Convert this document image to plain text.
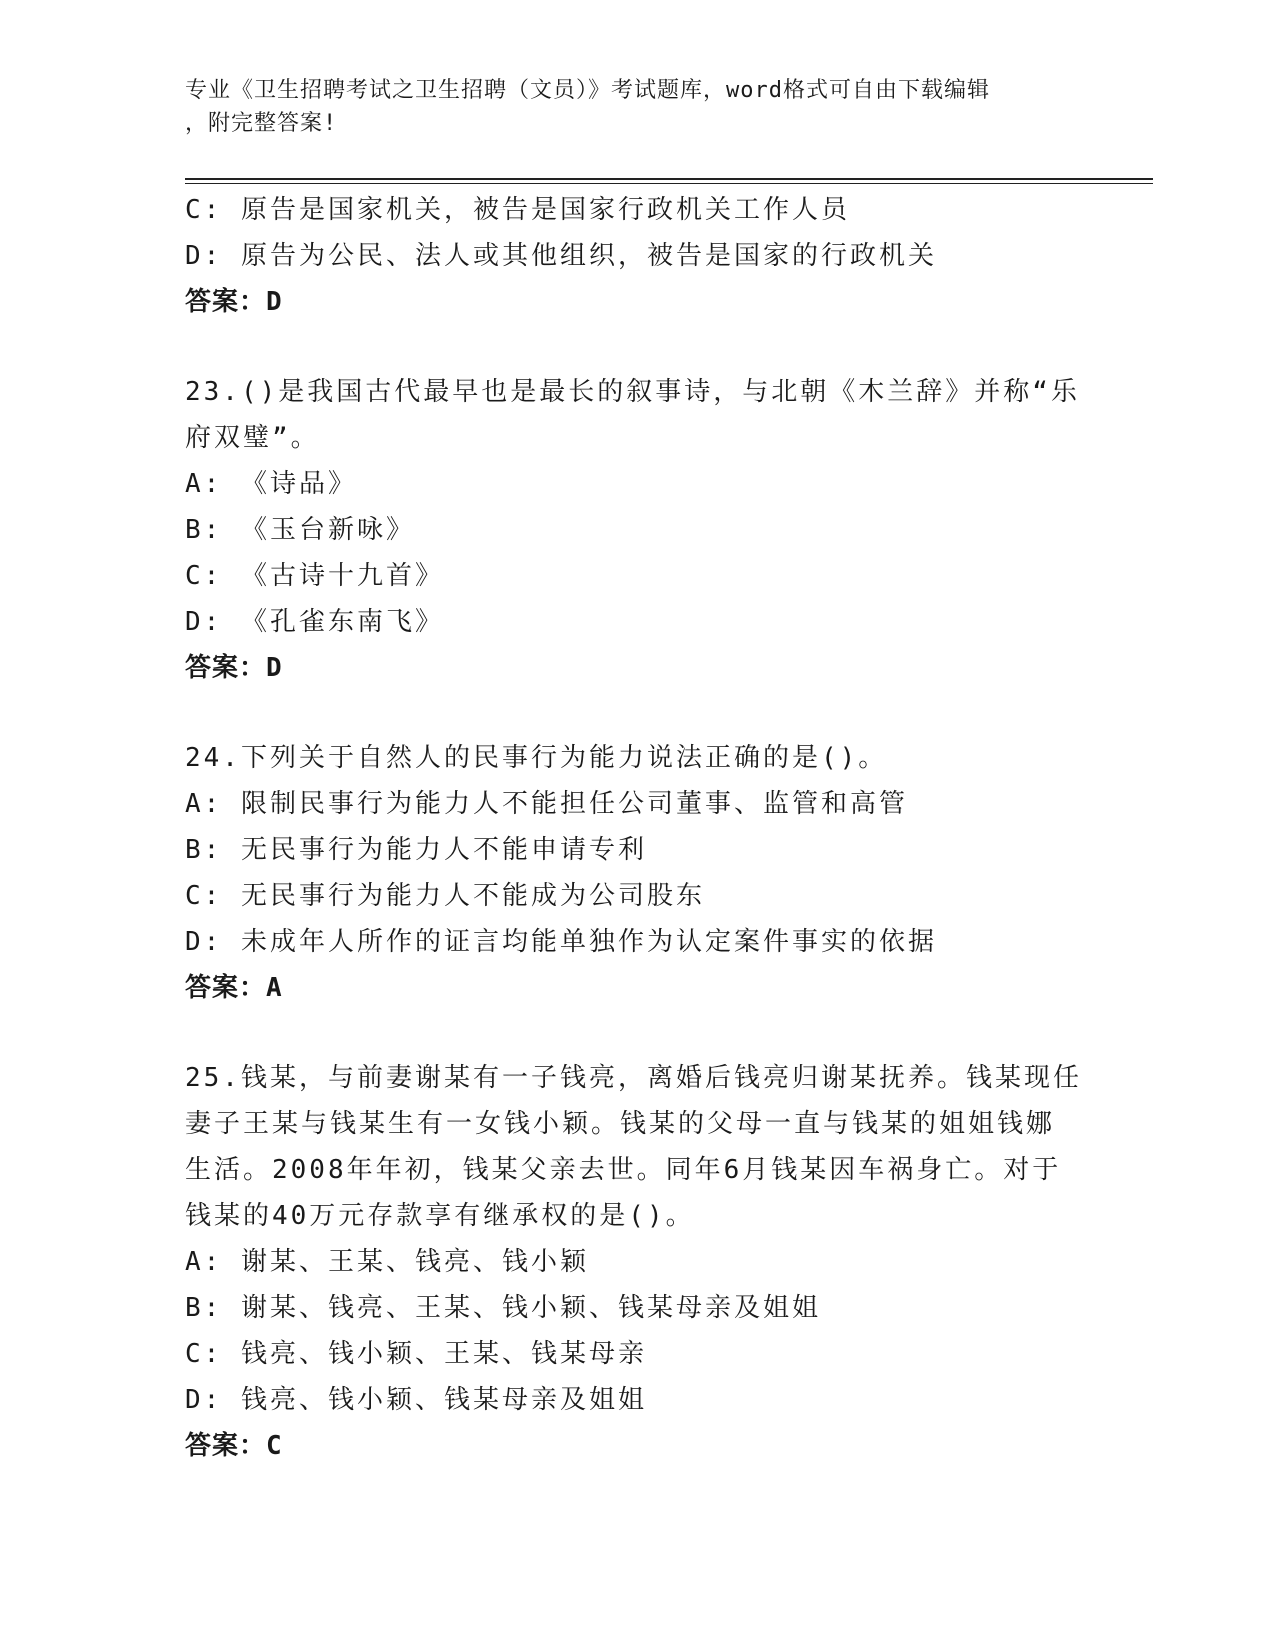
专业《卫生招聘考试之卫生招聘（文员）》考试题库，word格式可自由下载编辑
，附完整答案!
C: 原告是国家机关，被告是国家行政机关工作人员
D: 原告为公民、法人或其他组织，被告是国家的行政机关
答案：D
23.()是我国古代最早也是最长的叙事诗，与北朝《木兰辞》并称“乐
府双璧”。
A: 《诗品》
B: 《玉台新咏》
C: 《古诗十九首》
D: 《孔雀东南飞》
答案：D
24.下列关于自然人的民事行为能力说法正确的是()。
A: 限制民事行为能力人不能担任公司董事、监管和高管
B: 无民事行为能力人不能申请专利
C: 无民事行为能力人不能成为公司股东
D: 未成年人所作的证言均能单独作为认定案件事实的依据
答案：A
25.钱某，与前妻谢某有一子钱亮，离婚后钱亮归谢某抚养。钱某现任
妻子王某与钱某生有一女钱小颖。钱某的父母一直与钱某的姐姐钱娜
生活。2008年年初，钱某父亲去世。同年6月钱某因车祸身亡。对于
钱某的40万元存款享有继承权的是()。
A: 谢某、王某、钱亮、钱小颖
B: 谢某、钱亮、王某、钱小颖、钱某母亲及姐姐
C: 钱亮、钱小颖、王某、钱某母亲
D: 钱亮、钱小颖、钱某母亲及姐姐
答案：C
